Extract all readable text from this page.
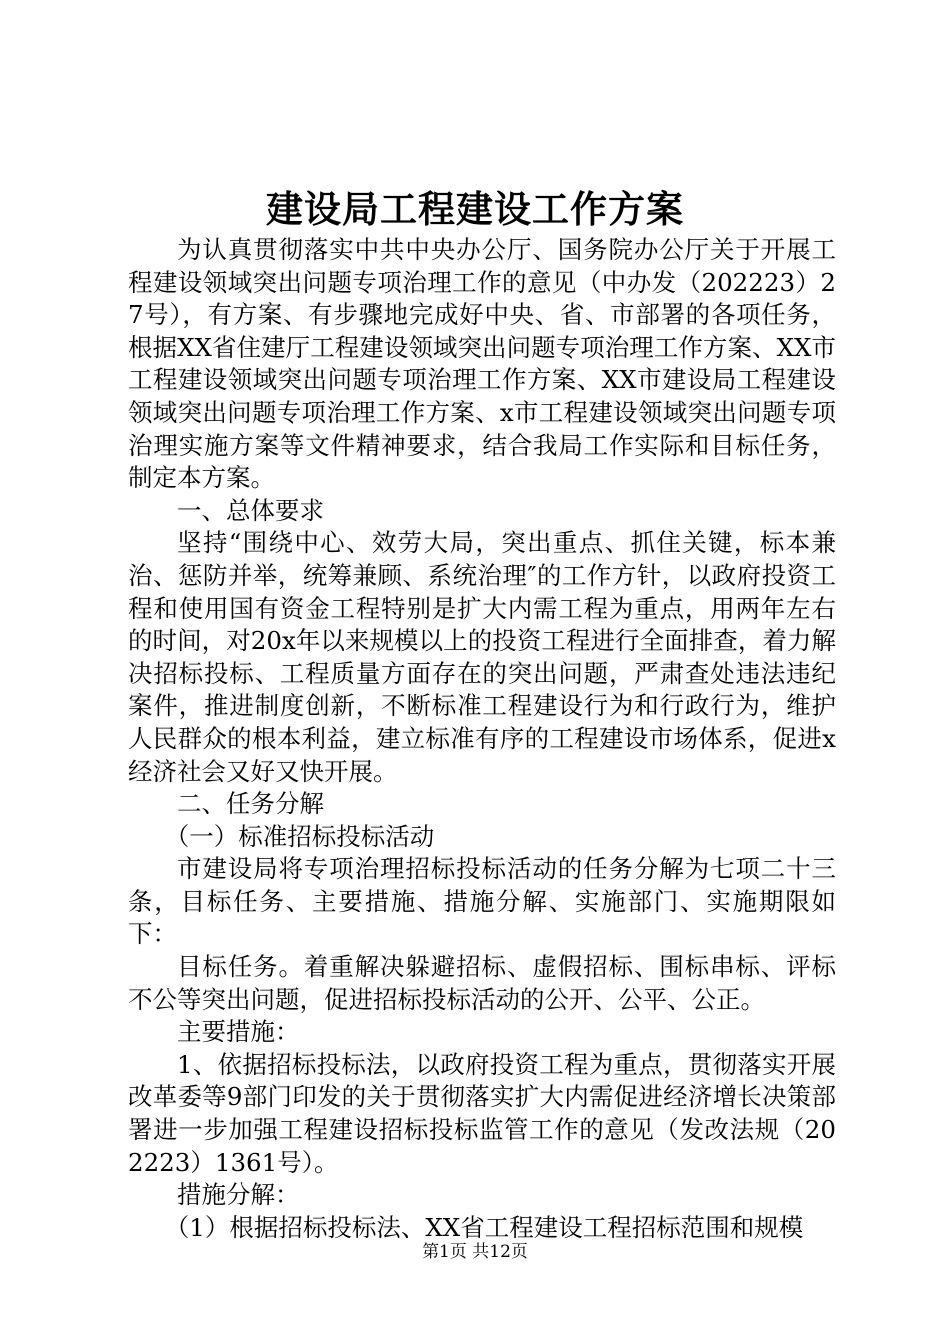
建设局工程建设工作方案

为认真贯彻落实中共中央办公厅、国务院办公厅关于开展工程建设领域突出问题专项治理工作的意见（中办发（202223）27号），有方案、有步骤地完成好中央、省、市部署的各项任务，根据XX省住建厅工程建设领域突出问题专项治理工作方案、XX市工程建设领域突出问题专项治理工作方案、XX市建设局工程建设领域突出问题专项治理工作方案、x市工程建设领域突出问题专项治理实施方案等文件精神要求，结合我局工作实际和目标任务，制定本方案。

一、总体要求

坚持“围绕中心、效劳大局，突出重点、抓住关键，标本兼治、惩防并举，统筹兼顾、系统治理″的工作方针，以政府投资工程和使用国有资金工程特别是扩大内需工程为重点，用两年左右的时间，对20x年以来规模以上的投资工程进行全面排查，着力解决招标投标、工程质量方面存在的突出问题，严肃查处违法违纪案件，推进制度创新，不断标准工程建设行为和行政行为，维护人民群众的根本利益，建立标准有序的工程建设市场体系，促进x经济社会又好又快开展。

二、任务分解

（一）标准招标投标活动

市建设局将专项治理招标投标活动的任务分解为七项二十三条，目标任务、主要措施、措施分解、实施部门、实施期限如下：

目标任务。着重解决躲避招标、虚假招标、围标串标、评标不公等突出问题，促进招标投标活动的公开、公平、公正。

主要措施：

1、依据招标投标法，以政府投资工程为重点，贯彻落实开展改革委等9部门印发的关于贯彻落实扩大内需促进经济增长决策部署进一步加强工程建设招标投标监管工作的意见（发改法规（202223）1361号）。

措施分解：

（1）根据招标投标法、XX省工程建设工程招标范围和规模

第1页 共12页
